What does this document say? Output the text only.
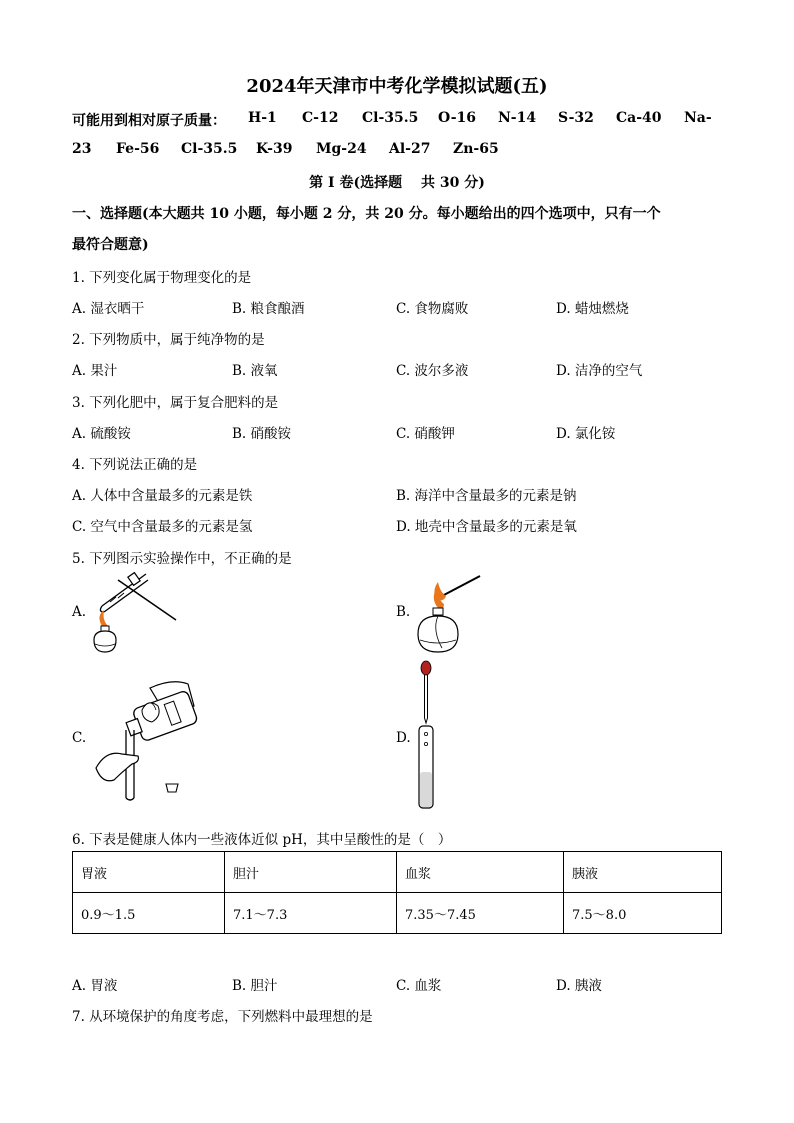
2024年天津市中考化学模拟试题(五)
可能用到相对原子质量： H-1 C-12 Cl-35.5 O-16 N-14 S-32 Ca-40 Na-
23 Fe-56 Cl-35.5 K-39 Mg-24 Al-27 Zn-65
第 I 卷(选择题　 共 30 分)
一、选择题(本大题共 10 小题，每小题 2 分，共 20 分。每小题给出的四个选项中，只有一个
最符合题意)
1. 下列变化属于物理变化的是
A. 湿衣晒干	B. 粮食酿酒	C. 食物腐败	D. 蜡烛燃烧
2. 下列物质中，属于纯净物的是
A. 果汁	B. 液氧	C. 波尔多液	D. 洁净的空气
3. 下列化肥中，属于复合肥料的是
A. 硫酸铵	B. 硝酸铵	C. 硝酸钾	D. 氯化铵
4. 下列说法正确的是
A. 人体中含量最多的元素是铁	B. 海洋中含量最多的元素是钠
C. 空气中含量最多的元素是氢	D. 地壳中含量最多的元素是氧
5. 下列图示实验操作中，不正确的是
A.	B.
C.	D.
6. 下表是健康人体内一些液体近似 pH，其中呈酸性的是（　）
胃液	胆汁	血浆	胰液
0.9～1.5	7.1～7.3	7.35～7.45	7.5～8.0
A. 胃液	B. 胆汁	C. 血浆	D. 胰液
7. 从环境保护的角度考虑，下列燃料中最理想的是
